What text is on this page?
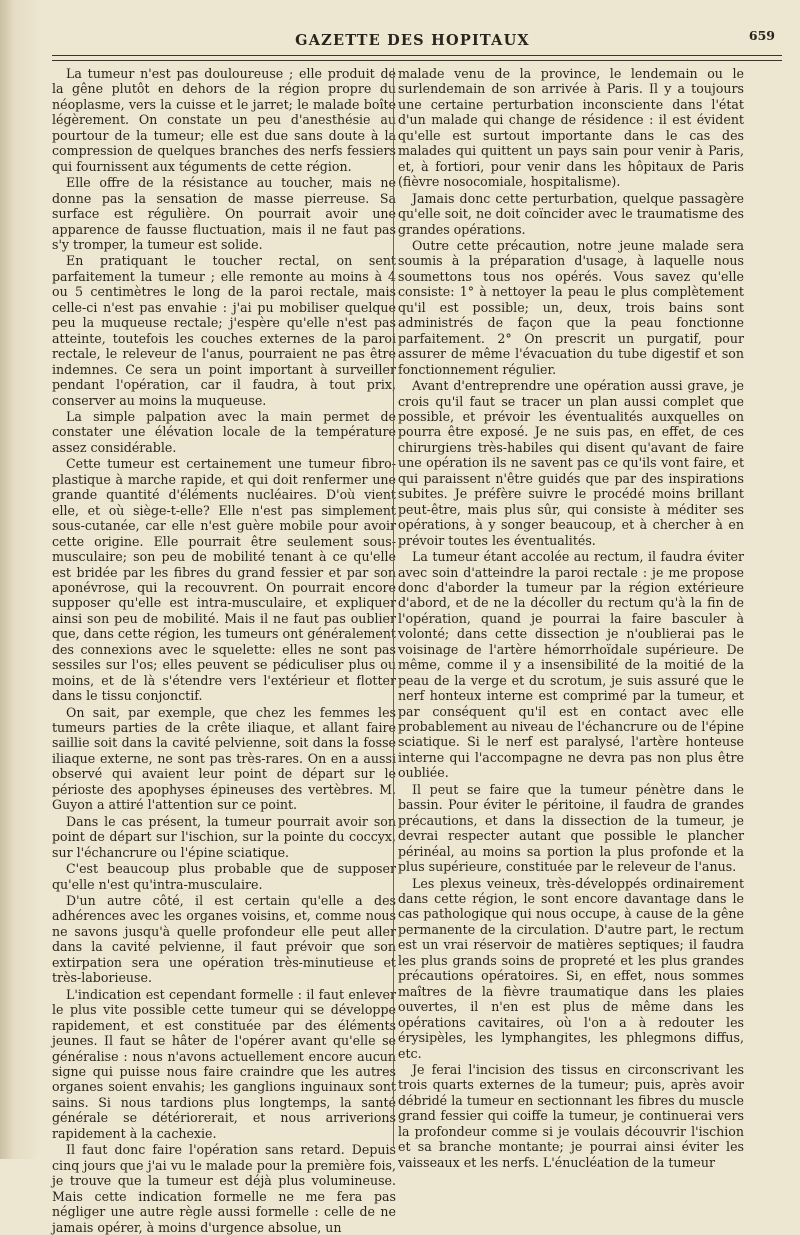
GAZETTE DES HOPITAUX	659

La tumeur n'est pas douloureuse ; elle produit de la gêne plutôt en dehors de la région propre du néoplasme, vers la cuisse et le jarret; le malade boîte légèrement. On constate un peu d'anesthésie au pourtour de la tumeur; elle est due sans doute à la compression de quelques branches des nerfs fessiers qui fournissent aux téguments de cette région.

Elle offre de la résistance au toucher, mais ne donne pas la sensation de masse pierreuse. Sa surface est régulière. On pourrait avoir une apparence de fausse fluctuation, mais il ne faut pas s'y tromper, la tumeur est solide.

En pratiquant le toucher rectal, on sent parfaitement la tumeur ; elle remonte au moins à 4 ou 5 centimètres le long de la paroi rectale, mais celle-ci n'est pas envahie : j'ai pu mobiliser quelque peu la muqueuse rectale; j'espère qu'elle n'est pas atteinte, toutefois les couches externes de la paroi rectale, le releveur de l'anus, pourraient ne pas être indemnes. Ce sera un point important à surveiller pendant l'opération, car il faudra, à tout prix, conserver au moins la muqueuse.

La simple palpation avec la main permet de constater une élévation locale de la température assez considérable.

Cette tumeur est certainement une tumeur fibro-plastique à marche rapide, et qui doit renfermer une grande quantité d'éléments nucléaires. D'où vient elle, et où siège-t-elle? Elle n'est pas simplement sous-cutanée, car elle n'est guère mobile pour avoir cette origine. Elle pourrait être seulement sous-musculaire; son peu de mobilité tenant à ce qu'elle est bridée par les fibres du grand fessier et par son aponévrose, qui la recouvrent. On pourrait encore supposer qu'elle est intra-musculaire, et expliquer ainsi son peu de mobilité. Mais il ne faut pas oublier que, dans cette région, les tumeurs ont généralement des connexions avec le squelette: elles ne sont pas sessiles sur l'os; elles peuvent se pédiculiser plus ou moins, et de là s'étendre vers l'extérieur et flotter dans le tissu conjonctif.

On sait, par exemple, que chez les femmes les tumeurs parties de la crête iliaque, et allant faire saillie soit dans la cavité pelvienne, soit dans la fosse iliaque externe, ne sont pas très-rares. On en a aussi observé qui avaient leur point de départ sur le périoste des apophyses épineuses des vertèbres. M. Guyon a attiré l'attention sur ce point.

Dans le cas présent, la tumeur pourrait avoir son point de départ sur l'ischion, sur la pointe du coccyx, sur l'échancrure ou l'épine sciatique.

C'est beaucoup plus probable que de supposer qu'elle n'est qu'intra-musculaire.

D'un autre côté, il est certain qu'elle a des adhérences avec les organes voisins, et, comme nous ne savons jusqu'à quelle profondeur elle peut aller dans la cavité pelvienne, il faut prévoir que son extirpation sera une opération très-minutieuse et très-laborieuse.

L'indication est cependant formelle : il faut enlever le plus vite possible cette tumeur qui se développe rapidement, et est constituée par des éléments jeunes. Il faut se hâter de l'opérer avant qu'elle se généralise : nous n'avons actuellement encore aucun signe qui puisse nous faire craindre que les autres organes soient envahis; les ganglions inguinaux sont sains. Si nous tardions plus longtemps, la santé générale se détériorerait, et nous arriverions rapidement à la cachexie.

Il faut donc faire l'opération sans retard. Depuis cinq jours que j'ai vu le malade pour la première fois, je trouve que la tumeur est déjà plus volumineuse. Mais cette indication formelle ne me fera pas négliger une autre règle aussi formelle : celle de ne jamais opérer, à moins d'urgence absolue, un

malade venu de la province, le lendemain ou le surlendemain de son arrivée à Paris. Il y a toujours une certaine perturbation inconsciente dans l'état d'un malade qui change de résidence : il est évident qu'elle est surtout importante dans le cas des malades qui quittent un pays sain pour venir à Paris, et, à fortiori, pour venir dans les hôpitaux de Paris (fièvre nosocomiale, hospitalisme).

Jamais donc cette perturbation, quelque passagère qu'elle soit, ne doit coïncider avec le traumatisme des grandes opérations.

Outre cette précaution, notre jeune malade sera soumis à la préparation d'usage, à laquelle nous soumettons tous nos opérés. Vous savez qu'elle consiste: 1° à nettoyer la peau le plus complètement qu'il est possible; un, deux, trois bains sont administrés de façon que la peau fonctionne parfaitement. 2° On prescrit un purgatif, pour assurer de même l'évacuation du tube digestif et son fonctionnement régulier.

Avant d'entreprendre une opération aussi grave, je crois qu'il faut se tracer un plan aussi complet que possible, et prévoir les éventualités auxquelles on pourra être exposé. Je ne suis pas, en effet, de ces chirurgiens très-habiles qui disent qu'avant de faire une opération ils ne savent pas ce qu'ils vont faire, et qui paraissent n'être guidés que par des inspirations subites. Je préfère suivre le procédé moins brillant peut-être, mais plus sûr, qui consiste à méditer ses opérations, à y songer beaucoup, et à chercher à en prévoir toutes les éventualités.

La tumeur étant accolée au rectum, il faudra éviter avec soin d'atteindre la paroi rectale : je me propose donc d'aborder la tumeur par la région extérieure d'abord, et de ne la décoller du rectum qu'à la fin de l'opération, quand je pourrai la faire basculer à volonté; dans cette dissection je n'oublierai pas le voisinage de l'artère hémorrhoïdale supérieure. De même, comme il y a insensibilité de la moitié de la peau de la verge et du scrotum, je suis assuré que le nerf honteux interne est comprimé par la tumeur, et par conséquent qu'il est en contact avec elle probablement au niveau de l'échancrure ou de l'épine sciatique. Si le nerf est paralysé, l'artère honteuse interne qui l'accompagne ne devra pas non plus être oubliée.

Il peut se faire que la tumeur pénètre dans le bassin. Pour éviter le péritoine, il faudra de grandes précautions, et dans la dissection de la tumeur, je devrai respecter autant que possible le plancher périnéal, au moins sa portion la plus profonde et la plus supérieure, constituée par le releveur de l'anus.

Les plexus veineux, très-développés ordinairement dans cette région, le sont encore davantage dans le cas pathologique qui nous occupe, à cause de la gêne permanente de la circulation. D'autre part, le rectum est un vrai réservoir de matières septiques; il faudra les plus grands soins de propreté et les plus grandes précautions opératoires. Si, en effet, nous sommes maîtres de la fièvre traumatique dans les plaies ouvertes, il n'en est plus de même dans les opérations cavitaires, où l'on a à redouter les érysipèles, les lymphangites, les phlegmons diffus, etc.

Je ferai l'incision des tissus en circonscrivant les trois quarts externes de la tumeur; puis, après avoir débridé la tumeur en sectionnant les fibres du muscle grand fessier qui coiffe la tumeur, je continuerai vers la profondeur comme si je voulais découvrir l'ischion et sa branche montante; je pourrai ainsi éviter les vaisseaux et les nerfs. L'énucléation de la tumeur
